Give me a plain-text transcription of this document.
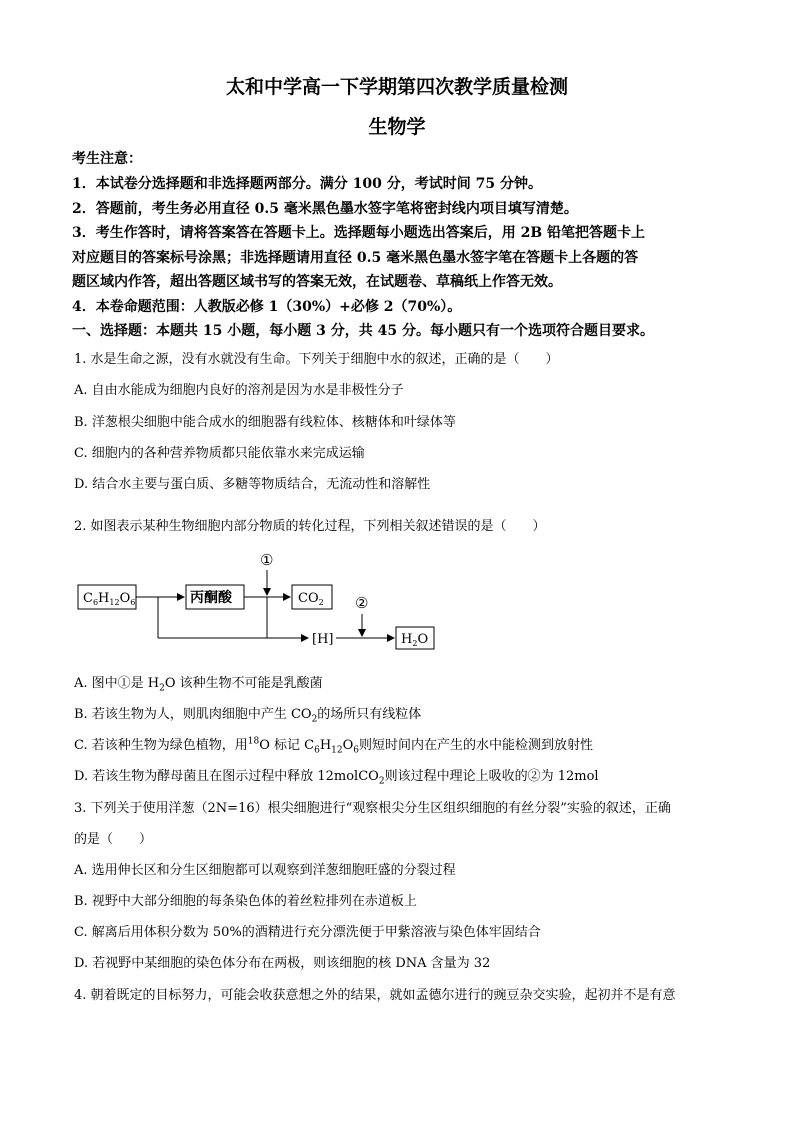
太和中学高一下学期第四次教学质量检测
生物学
考生注意：
1．本试卷分选择题和非选择题两部分。满分 100 分，考试时间 75 分钟。
2．答题前，考生务必用直径 0.5 毫米黑色墨水签字笔将密封线内项目填写清楚。
3．考生作答时，请将答案答在答题卡上。选择题每小题选出答案后，用 2B 铅笔把答题卡上
对应题目的答案标号涂黑；非选择题请用直径 0.5 毫米黑色墨水签字笔在答题卡上各题的答
题区域内作答，超出答题区域书写的答案无效，在试题卷、草稿纸上作答无效。
4．本卷命题范围：人教版必修 1（30%）+必修 2（70%）。
一、选择题：本题共 15 小题，每小题 3 分，共 45 分。每小题只有一个选项符合题目要求。
1. 水是生命之源，没有水就没有生命。下列关于细胞中水的叙述，正确的是（　　）
A. 自由水能成为细胞内良好的溶剂是因为水是非极性分子
B. 洋葱根尖细胞中能合成水的细胞器有线粒体、核糖体和叶绿体等
C. 细胞内的各种营养物质都只能依靠水来完成运输
D. 结合水主要与蛋白质、多糖等物质结合，无流动性和溶解性
2. 如图表示某种生物细胞内部分物质的转化过程，下列相关叙述错误的是（　　）
$C_6H_{12}O_6$	丙酮酸	$CO_2$
$H_2O$
[H]
①
②
A. 图中①是 $H_2O$ 该种生物不可能是乳酸菌
B. 若该生物为人，则肌肉细胞中产生 $CO_2$的场所只有线粒体
C. 若该种生物为绿色植物，用$^{18}$O 标记 $C_6H_{12}O_6$则短时间内在产生的水中能检测到放射性
D. 若该生物为酵母菌且在图示过程中释放 12molCO$_2$则该过程中理论上吸收的②为 12mol
3. 下列关于使用洋葱（2N=16）根尖细胞进行“观察根尖分生区组织细胞的有丝分裂”实验的叙述，正确
的是（　　）
A. 选用伸长区和分生区细胞都可以观察到洋葱细胞旺盛的分裂过程
B. 视野中大部分细胞的每条染色体的着丝粒排列在赤道板上
C. 解离后用体积分数为 50%的酒精进行充分漂洗便于甲紫溶液与染色体牢固结合
D. 若视野中某细胞的染色体分布在两极，则该细胞的核 DNA 含量为 32
4. 朝着既定的目标努力，可能会收获意想之外的结果，就如孟德尔进行的豌豆杂交实验，起初并不是有意
